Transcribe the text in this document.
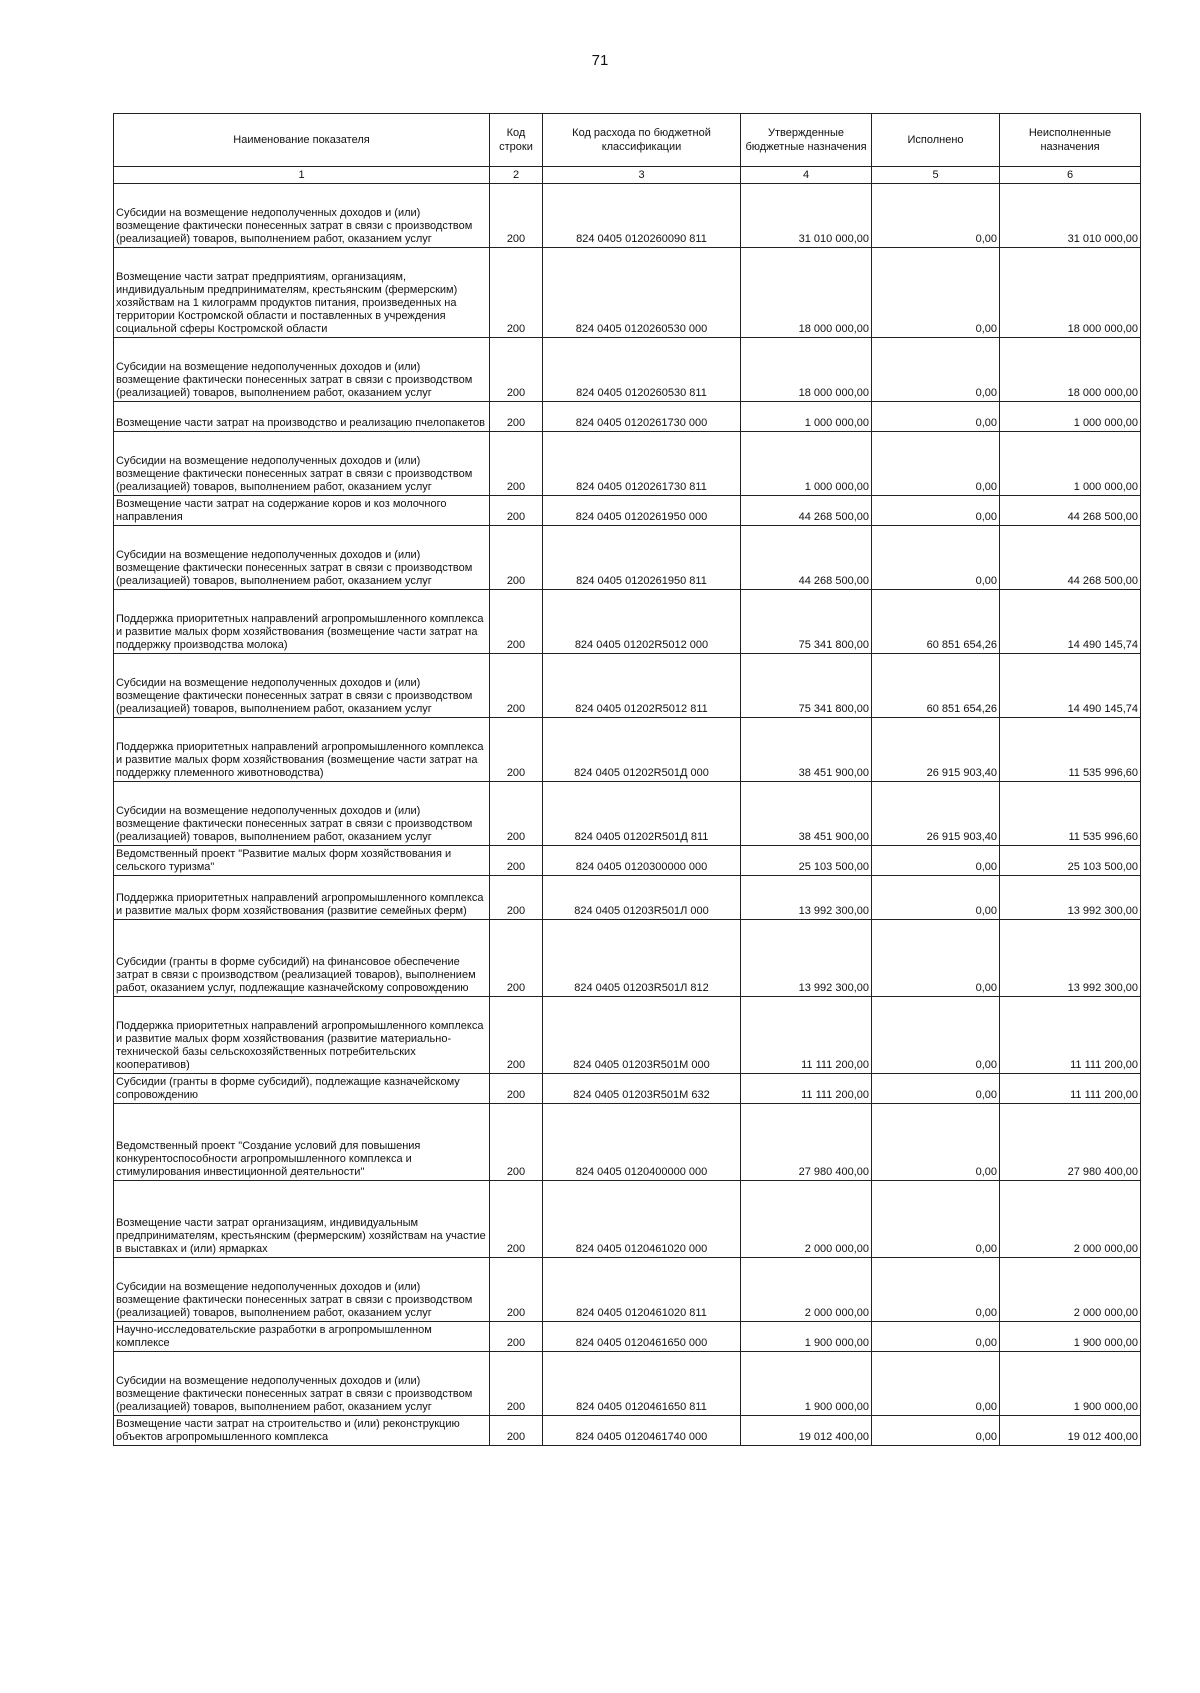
71
Наименование показателя	Код строки	Код расхода по бюджетной классификации	Утвержденные бюджетные назначения	Исполнено	Неисполненные назначения
1	2	3	4	5	6
Субсидии на возмещение недополученных доходов и (или) возмещение фактически понесенных затрат в связи с производством (реализацией) товаров, выполнением работ, оказанием услуг	200	824 0405 0120260090 811	31 010 000,00	0,00	31 010 000,00
Возмещение части затрат предприятиям, организациям, индивидуальным предпринимателям, крестьянским (фермерским) хозяйствам на 1 килограмм продуктов питания, произведенных на территории Костромской области и поставленных в учреждения социальной сферы Костромской области	200	824 0405 0120260530 000	18 000 000,00	0,00	18 000 000,00
Субсидии на возмещение недополученных доходов и (или) возмещение фактически понесенных затрат в связи с производством (реализацией) товаров, выполнением работ, оказанием услуг	200	824 0405 0120260530 811	18 000 000,00	0,00	18 000 000,00
Возмещение части затрат на производство и реализацию пчелопакетов	200	824 0405 0120261730 000	1 000 000,00	0,00	1 000 000,00
Субсидии на возмещение недополученных доходов и (или) возмещение фактически понесенных затрат в связи с производством (реализацией) товаров, выполнением работ, оказанием услуг	200	824 0405 0120261730 811	1 000 000,00	0,00	1 000 000,00
Возмещение части затрат на содержание коров и коз молочного направления	200	824 0405 0120261950 000	44 268 500,00	0,00	44 268 500,00
Субсидии на возмещение недополученных доходов и (или) возмещение фактически понесенных затрат в связи с производством (реализацией) товаров, выполнением работ, оказанием услуг	200	824 0405 0120261950 811	44 268 500,00	0,00	44 268 500,00
Поддержка приоритетных направлений агропромышленного комплекса и развитие малых форм хозяйствования (возмещение части затрат на поддержку производства молока)	200	824 0405 01202R5012 000	75 341 800,00	60 851 654,26	14 490 145,74
Субсидии на возмещение недополученных доходов и (или) возмещение фактически понесенных затрат в связи с производством (реализацией) товаров, выполнением работ, оказанием услуг	200	824 0405 01202R5012 811	75 341 800,00	60 851 654,26	14 490 145,74
Поддержка приоритетных направлений агропромышленного комплекса и развитие малых форм хозяйствования (возмещение части затрат на поддержку племенного животноводства)	200	824 0405 01202R501Д 000	38 451 900,00	26 915 903,40	11 535 996,60
Субсидии на возмещение недополученных доходов и (или) возмещение фактически понесенных затрат в связи с производством (реализацией) товаров, выполнением работ, оказанием услуг	200	824 0405 01202R501Д 811	38 451 900,00	26 915 903,40	11 535 996,60
Ведомственный проект "Развитие малых форм хозяйствования и сельского туризма"	200	824 0405 0120300000 000	25 103 500,00	0,00	25 103 500,00
Поддержка приоритетных направлений агропромышленного комплекса и развитие малых форм хозяйствования (развитие семейных ферм)	200	824 0405 01203R501Л 000	13 992 300,00	0,00	13 992 300,00
Субсидии (гранты в форме субсидий) на финансовое обеспечение затрат в связи с производством (реализацией товаров), выполнением работ, оказанием услуг, подлежащие казначейскому сопровождению	200	824 0405 01203R501Л 812	13 992 300,00	0,00	13 992 300,00
Поддержка приоритетных направлений агропромышленного комплекса и развитие малых форм хозяйствования (развитие материально-технической базы сельскохозяйственных потребительских кооперативов)	200	824 0405 01203R501М 000	11 111 200,00	0,00	11 111 200,00
Субсидии (гранты в форме субсидий), подлежащие казначейскому сопровождению	200	824 0405 01203R501М 632	11 111 200,00	0,00	11 111 200,00
Ведомственный проект "Создание условий для повышения конкурентоспособности агропромышленного комплекса и стимулирования инвестиционной деятельности"	200	824 0405 0120400000 000	27 980 400,00	0,00	27 980 400,00
Возмещение части затрат организациям, индивидуальным предпринимателям, крестьянским (фермерским) хозяйствам на участие в выставках и (или) ярмарках	200	824 0405 0120461020 000	2 000 000,00	0,00	2 000 000,00
Субсидии на возмещение недополученных доходов и (или) возмещение фактически понесенных затрат в связи с производством (реализацией) товаров, выполнением работ, оказанием услуг	200	824 0405 0120461020 811	2 000 000,00	0,00	2 000 000,00
Научно-исследовательские разработки в агропромышленном комплексе	200	824 0405 0120461650 000	1 900 000,00	0,00	1 900 000,00
Субсидии на возмещение недополученных доходов и (или) возмещение фактически понесенных затрат в связи с производством (реализацией) товаров, выполнением работ, оказанием услуг	200	824 0405 0120461650 811	1 900 000,00	0,00	1 900 000,00
Возмещение части затрат на строительство и (или) реконструкцию объектов агропромышленного комплекса	200	824 0405 0120461740 000	19 012 400,00	0,00	19 012 400,00
